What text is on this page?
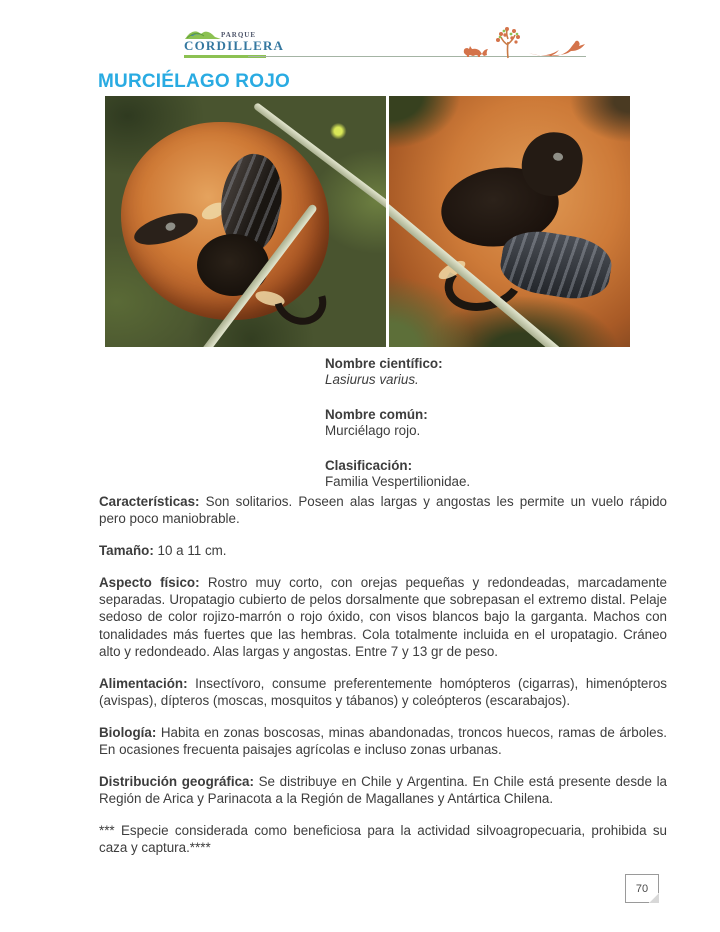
PARQUE
CORDILLERA
MURCIÉLAGO ROJO
Nombre científico:
Lasiurus varius.
Nombre común:
Murciélago rojo.
Clasificación:
Familia Vespertilionidae.

Características: Son solitarios. Poseen alas largas y angostas les permite un vuelo rápido pero poco maniobrable.

Tamaño: 10 a 11 cm.

Aspecto físico: Rostro muy corto, con orejas pequeñas y redondeadas, marcadamente separadas. Uropatagio cubierto de pelos dorsalmente que sobrepasan el extremo distal. Pelaje sedoso de color rojizo-marrón o rojo óxido, con visos blancos bajo la garganta. Machos con tonalidades más fuertes que las hembras. Cola totalmente incluida en el uropatagio. Cráneo alto y redondeado. Alas largas y angostas. Entre 7 y 13 gr de peso.

Alimentación: Insectívoro, consume preferentemente homópteros (cigarras), himenópteros (avispas), dípteros (moscas, mosquitos y tábanos) y coleópteros (escarabajos).

Biología: Habita en zonas boscosas, minas abandonadas, troncos huecos, ramas de árboles. En ocasiones frecuenta paisajes agrícolas e incluso zonas urbanas.

Distribución geográfica: Se distribuye en Chile y Argentina. En Chile está presente desde la Región de Arica y Parinacota a la Región de Magallanes y Antártica Chilena.

*** Especie considerada como beneficiosa para la actividad silvoagropecuaria, prohibida su caza y captura.****

70
